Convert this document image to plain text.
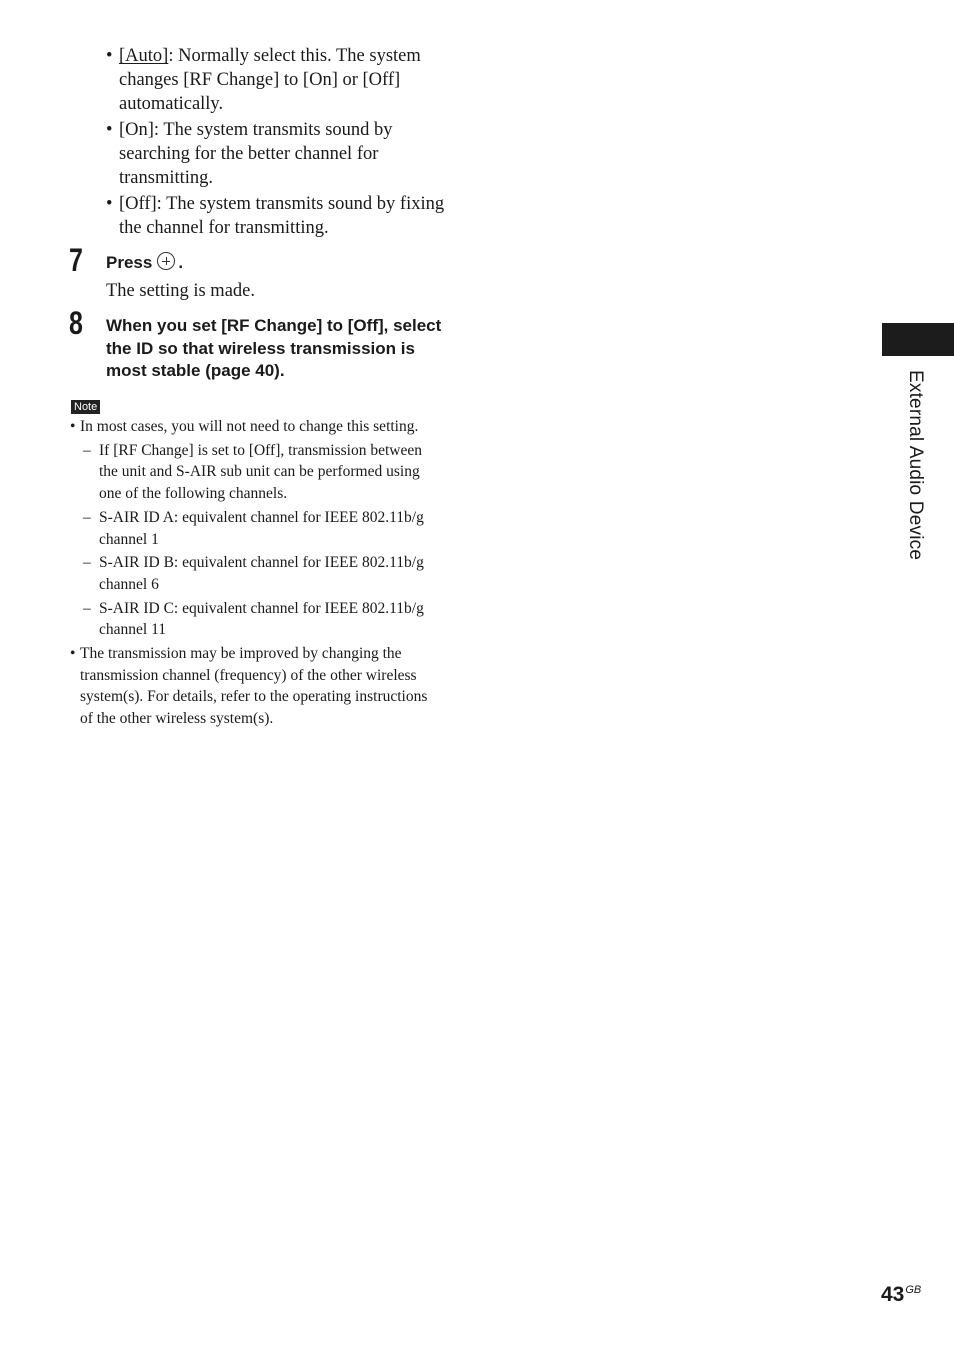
• [Auto]: Normally select this. The system changes [RF Change] to [On] or [Off] automatically.
• [On]: The system transmits sound by searching for the better channel for transmitting.
• [Off]: The system transmits sound by fixing the channel for transmitting.
7 Press .
The setting is made.
8 When you set [RF Change] to [Off], select the ID so that wireless transmission is most stable (page 40).
Note
• In most cases, you will not need to change this setting.
– If [RF Change] is set to [Off], transmission between the unit and S-AIR sub unit can be performed using one of the following channels.
– S-AIR ID A: equivalent channel for IEEE 802.11b/g channel 1
– S-AIR ID B: equivalent channel for IEEE 802.11b/g channel 6
– S-AIR ID C: equivalent channel for IEEE 802.11b/g channel 11
• The transmission may be improved by changing the transmission channel (frequency) of the other wireless system(s). For details, refer to the operating instructions of the other wireless system(s).
External Audio Device
$43^{GB}$
